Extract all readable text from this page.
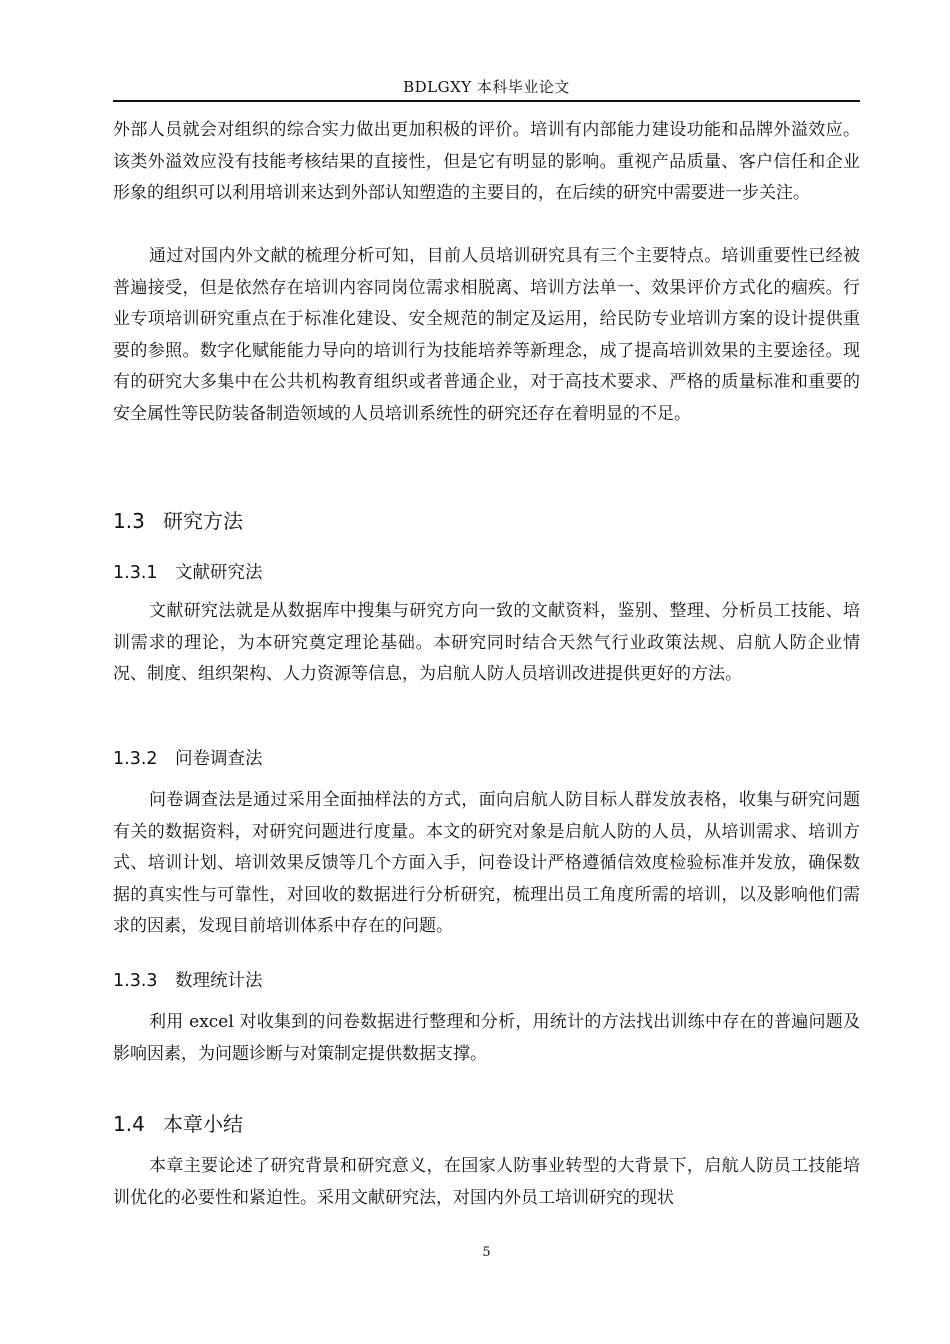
BDLGXY 本科毕业论文

外部人员就会对组织的综合实力做出更加积极的评价。培训有内部能力建设功能和品牌外溢效应。该类外溢效应没有技能考核结果的直接性，但是它有明显的影响。重视产品质量、客户信任和企业形象的组织可以利用培训来达到外部认知塑造的主要目的，在后续的研究中需要进一步关注。

通过对国内外文献的梳理分析可知，目前人员培训研究具有三个主要特点。培训重要性已经被普遍接受，但是依然存在培训内容同岗位需求相脱离、培训方法单一、效果评价方式化的痼疾。行业专项培训研究重点在于标准化建设、安全规范的制定及运用，给民防专业培训方案的设计提供重要的参照。数字化赋能能力导向的培训行为技能培养等新理念，成了提高培训效果的主要途径。现有的研究大多集中在公共机构教育组织或者普通企业，对于高技术要求、严格的质量标准和重要的安全属性等民防装备制造领域的人员培训系统性的研究还存在着明显的不足。

1.3 研究方法
1.3.1 文献研究法

文献研究法就是从数据库中搜集与研究方向一致的文献资料，鉴别、整理、分析员工技能、培训需求的理论，为本研究奠定理论基础。本研究同时结合天然气行业政策法规、启航人防企业情况、制度、组织架构、人力资源等信息，为启航人防人员培训改进提供更好的方法。

1.3.2 问卷调查法

问卷调查法是通过采用全面抽样法的方式，面向启航人防目标人群发放表格，收集与研究问题有关的数据资料，对研究问题进行度量。本文的研究对象是启航人防的人员，从培训需求、培训方式、培训计划、培训效果反馈等几个方面入手，问卷设计严格遵循信效度检验标准并发放，确保数据的真实性与可靠性，对回收的数据进行分析研究，梳理出员工角度所需的培训，以及影响他们需求的因素，发现目前培训体系中存在的问题。

1.3.3 数理统计法

利用 excel 对收集到的问卷数据进行整理和分析，用统计的方法找出训练中存在的普遍问题及影响因素，为问题诊断与对策制定提供数据支撑。

1.4 本章小结

本章主要论述了研究背景和研究意义，在国家人防事业转型的大背景下，启航人防员工技能培训优化的必要性和紧迫性。采用文献研究法，对国内外员工培训研究的现状

5
